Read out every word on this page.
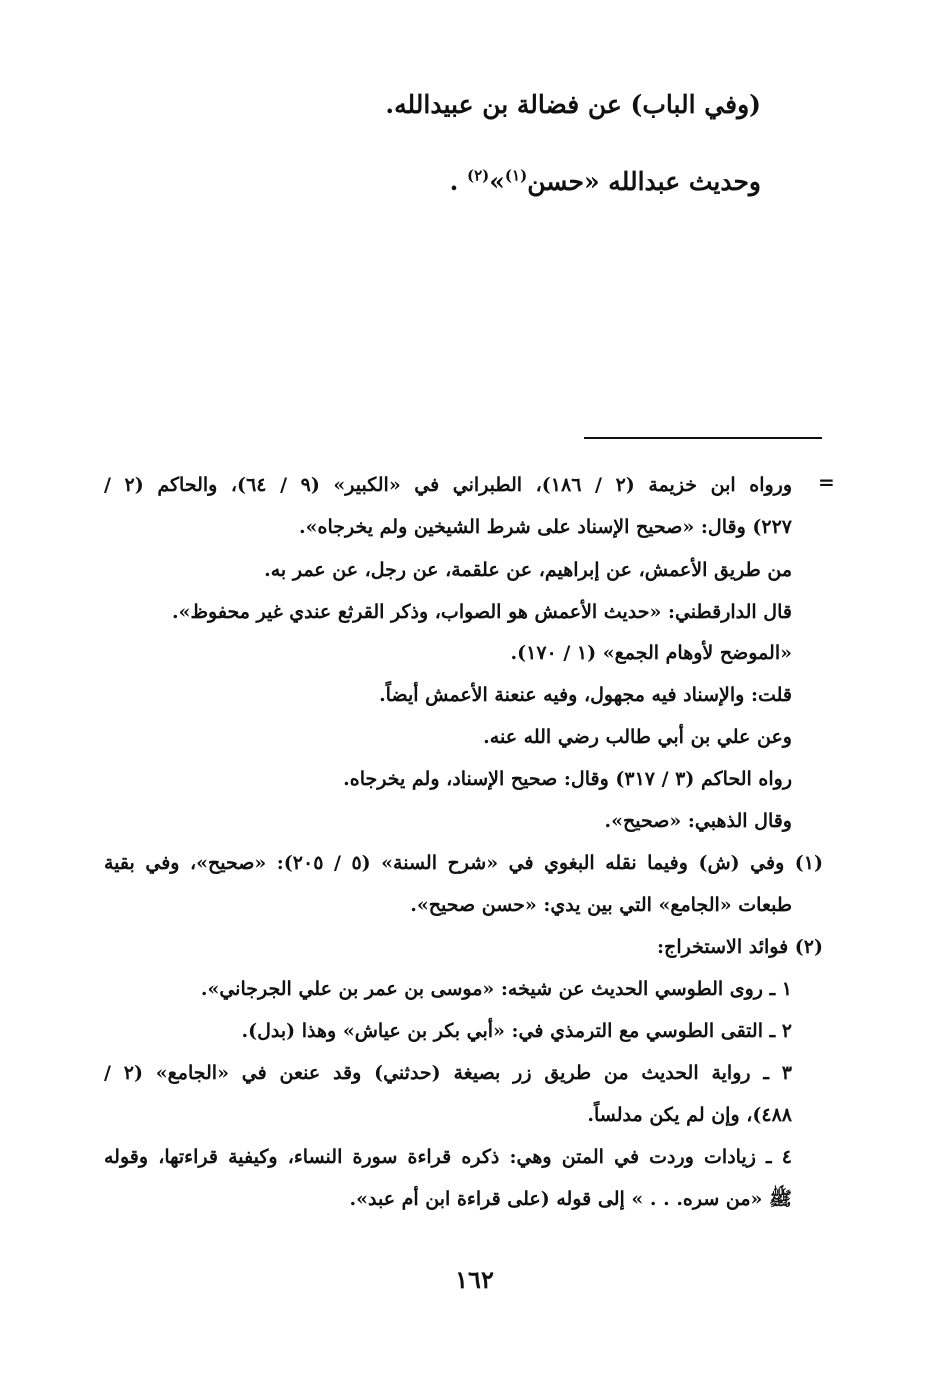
(وفي الباب) عن فضالة بن عبيدالله.
وحديث عبدالله «حسن$^{(١)}$»$^{(٢)}$ .
=
ورواه ابن خزيمة (٢ / ١٨٦)، الطبراني في «الكبير» (٩ / ٦٤)، والحاكم (٢ /
٢٢٧) وقال: «صحيح الإسناد على شرط الشيخين ولم يخرجاه».
من طريق الأعمش، عن إبراهيم، عن علقمة، عن رجل، عن عمر به.
قال الدارقطني: «حديث الأعمش هو الصواب، وذكر القرثع عندي غير محفوظ».
«الموضح لأوهام الجمع» (١ / ١٧٠).
قلت: والإسناد فيه مجهول، وفيه عنعنة الأعمش أيضاً.
وعن علي بن أبي طالب رضي الله عنه.
رواه الحاكم (٣ / ٣١٧) وقال: صحيح الإسناد، ولم يخرجاه.
وقال الذهبي: «صحيح».
(١) وفي (ش) وفيما نقله البغوي في «شرح السنة» (٥ / ٢٠٥): «صحيح»، وفي بقية
طبعات «الجامع» التي بين يدي: «حسن صحيح».
(٢) فوائد الاستخراج:
١ ـ روى الطوسي الحديث عن شيخه: «موسى بن عمر بن علي الجرجاني».
٢ ـ التقى الطوسي مع الترمذي في: «أبي بكر بن عياش» وهذا (بدل).
٣ ـ رواية الحديث من طريق زر بصيغة (حدثني) وقد عنعن في «الجامع» (٢ /
٤٨٨)، وإن لم يكن مدلساً.
٤ ـ زيادات وردت في المتن وهي: ذكره قراءة سورة النساء، وكيفية قراءتها، وقوله
ﷺ «من سره. . . » إلى قوله (على قراءة ابن أم عبد».
١٦٢
